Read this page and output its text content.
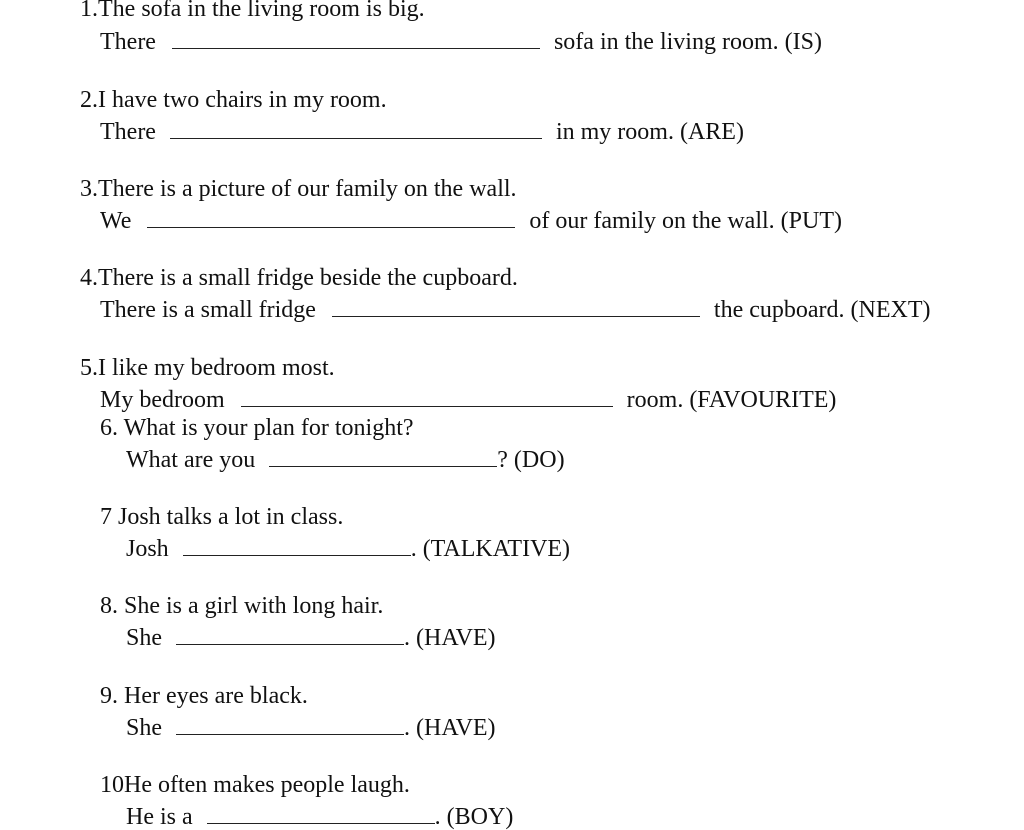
1.The sofa in the living room is big.
There	sofa in the living room. (IS)
2.I have two chairs in my room.
There	in my room. (ARE)
3.There is a picture of our family on the wall.
We	of our family on the wall. (PUT)
4.There is a small fridge beside the cupboard.
There is a small fridge	the cupboard. (NEXT)
5.I like my bedroom most.
My bedroom	room. (FAVOURITE)
6. What is your plan for tonight?
What are you	? (DO)
7 Josh talks a lot in class.
Josh	. (TALKATIVE)
8. She is a girl with long hair.
She	. (HAVE)
9. Her eyes are black.
She	. (HAVE)
10He often makes people laugh.
He is a	. (BOY)
